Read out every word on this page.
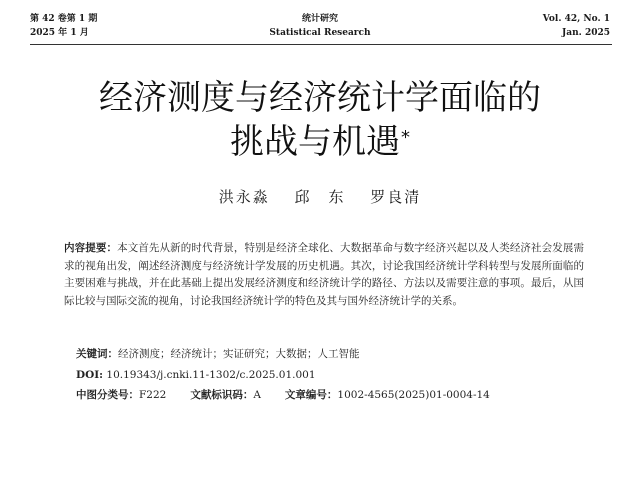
第 42 卷第 1 期
2025 年 1 月
统计研究
Statistical Research
Vol. 42, No. 1
Jan. 2025
经济测度与经济统计学面临的
挑战与机遇*
洪永淼 邱　东 罗良清

内容提要：本文首先从新的时代背景，特别是经济全球化、大数据革命与数字经济兴起以及人类经济社会发展需求的视角出发，阐述经济测度与经济统计学发展的历史机遇。其次，讨论我国经济统计学科转型与发展所面临的主要困难与挑战，并在此基础上提出发展经济测度和经济统计学的路径、方法以及需要注意的事项。最后，从国际比较与国际交流的视角，讨论我国经济统计学的特色及其与国外经济统计学的关系。

关键词：经济测度；经济统计；实证研究；大数据；人工智能
DOI: 10.19343/j.cnki.11-1302/c.2025.01.001
中图分类号：F222 文献标识码：A 文章编号：1002-4565(2025)01-0004-14
